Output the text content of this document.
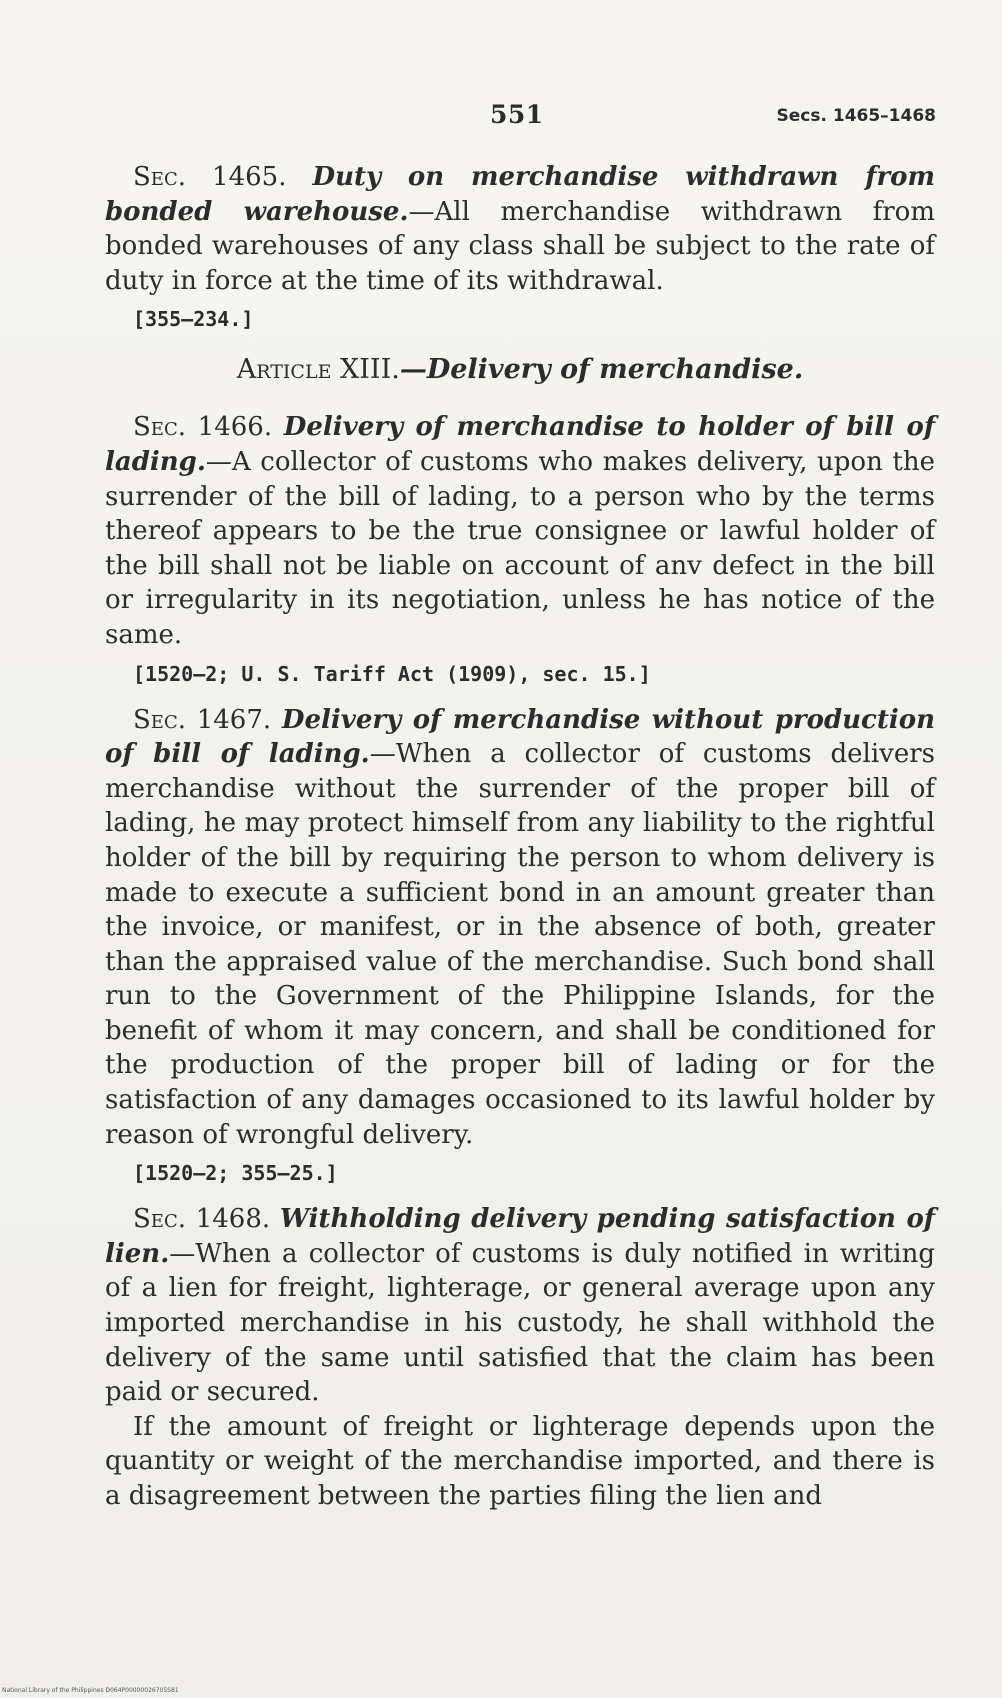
551	Secs. 1465–1468

Sec. 1465. Duty on merchandise withdrawn from bonded warehouse.—All merchandise withdrawn from bonded warehouses of any class shall be subject to the rate of duty in force at the time of its withdrawal.

[355—234.]
Article XIII.—Delivery of merchandise.

Sec. 1466. Delivery of merchandise to holder of bill of lading.—A collector of customs who makes delivery, upon the surrender of the bill of lading, to a person who by the terms thereof appears to be the true consignee or lawful holder of the bill shall not be liable on account of anv defect in the bill or irregularity in its negotiation, unless he has notice of the same.

[1520—2; U. S. Tariff Act (1909), sec. 15.]

Sec. 1467. Delivery of merchandise without production of bill of lading.—When a collector of customs delivers merchandise without the surrender of the proper bill of lading, he may protect himself from any liability to the rightful holder of the bill by requiring the person to whom delivery is made to execute a sufficient bond in an amount greater than the invoice, or manifest, or in the absence of both, greater than the appraised value of the merchandise. Such bond shall run to the Government of the Philippine Islands, for the benefit of whom it may concern, and shall be conditioned for the production of the proper bill of lading or for the satisfaction of any damages occasioned to its lawful holder by reason of wrongful delivery.

[1520—2; 355—25.]

Sec. 1468. Withholding delivery pending satisfaction of lien.—When a collector of customs is duly notified in writing of a lien for freight, lighterage, or general average upon any imported merchandise in his custody, he shall withhold the delivery of the same until satisfied that the claim has been paid or secured.

If the amount of freight or lighterage depends upon the quantity or weight of the merchandise imported, and there is a disagreement between the parties filing the lien and

National Library of the Philippines D064P00000026705S81
